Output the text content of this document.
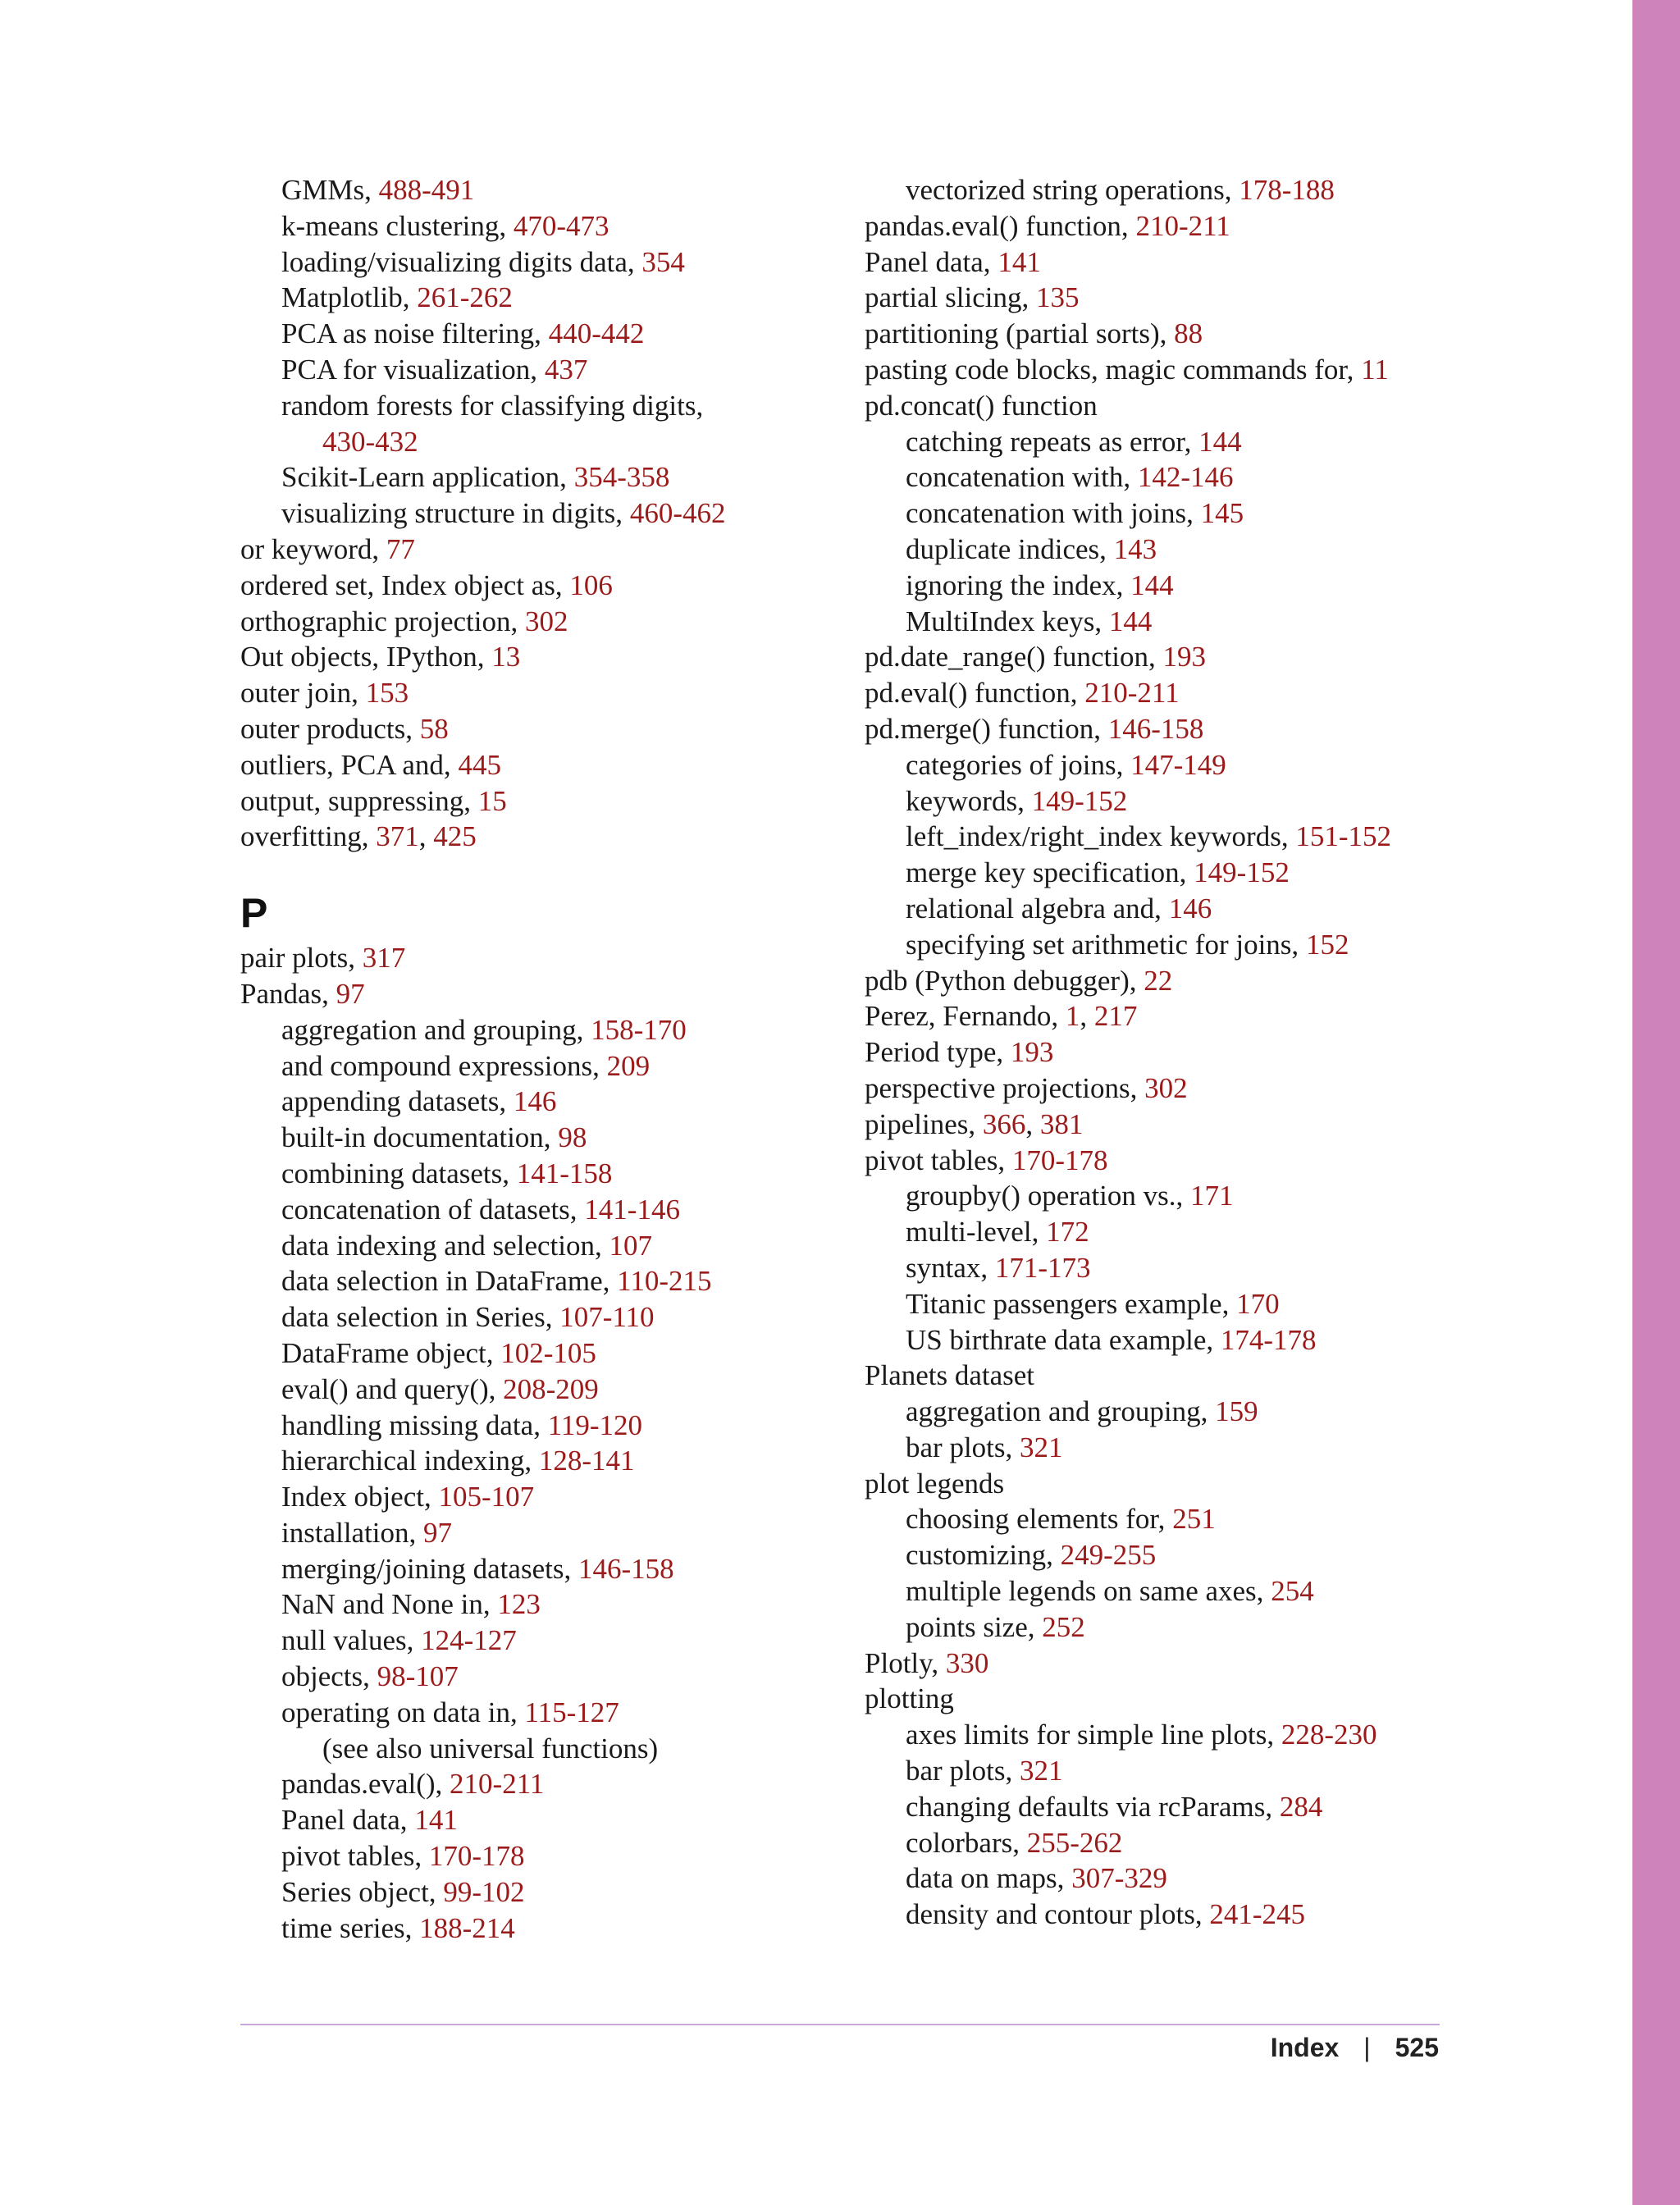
GMMs, 488-491
k-means clustering, 470-473
loading/visualizing digits data, 354
Matplotlib, 261-262
PCA as noise filtering, 440-442
PCA for visualization, 437
random forests for classifying digits,
430-432
Scikit-Learn application, 354-358
visualizing structure in digits, 460-462
or keyword, 77
ordered set, Index object as, 106
orthographic projection, 302
Out objects, IPython, 13
outer join, 153
outer products, 58
outliers, PCA and, 445
output, suppressing, 15
overfitting, 371, 425
P
pair plots, 317
Pandas, 97
aggregation and grouping, 158-170
and compound expressions, 209
appending datasets, 146
built-in documentation, 98
combining datasets, 141-158
concatenation of datasets, 141-146
data indexing and selection, 107
data selection in DataFrame, 110-215
data selection in Series, 107-110
DataFrame object, 102-105
eval() and query(), 208-209
handling missing data, 119-120
hierarchical indexing, 128-141
Index object, 105-107
installation, 97
merging/joining datasets, 146-158
NaN and None in, 123
null values, 124-127
objects, 98-107
operating on data in, 115-127
(see also universal functions)
pandas.eval(), 210-211
Panel data, 141
pivot tables, 170-178
Series object, 99-102
time series, 188-214
vectorized string operations, 178-188
pandas.eval() function, 210-211
Panel data, 141
partial slicing, 135
partitioning (partial sorts), 88
pasting code blocks, magic commands for, 11
pd.concat() function
catching repeats as error, 144
concatenation with, 142-146
concatenation with joins, 145
duplicate indices, 143
ignoring the index, 144
MultiIndex keys, 144
pd.date_range() function, 193
pd.eval() function, 210-211
pd.merge() function, 146-158
categories of joins, 147-149
keywords, 149-152
left_index/right_index keywords, 151-152
merge key specification, 149-152
relational algebra and, 146
specifying set arithmetic for joins, 152
pdb (Python debugger), 22
Perez, Fernando, 1, 217
Period type, 193
perspective projections, 302
pipelines, 366, 381
pivot tables, 170-178
groupby() operation vs., 171
multi-level, 172
syntax, 171-173
Titanic passengers example, 170
US birthrate data example, 174-178
Planets dataset
aggregation and grouping, 159
bar plots, 321
plot legends
choosing elements for, 251
customizing, 249-255
multiple legends on same axes, 254
points size, 252
Plotly, 330
plotting
axes limits for simple line plots, 228-230
bar plots, 321
changing defaults via rcParams, 284
colorbars, 255-262
data on maps, 307-329
density and contour plots, 241-245
Index | 525
